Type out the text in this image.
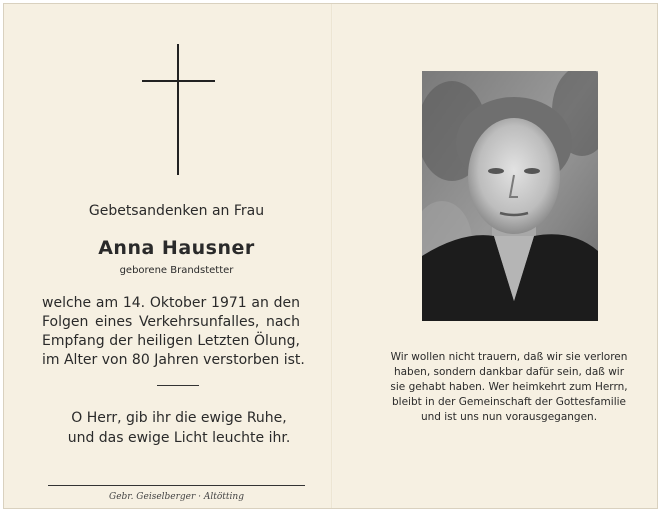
Gebetsandenken an Frau
Anna Hausner
geborene Brandstetter
welche am 14. Oktober 1971 an den
Folgen eines Verkehrsunfalles, nach
Empfang der heiligen Letzten Ölung,
im Alter von 80 Jahren verstorben ist.
O Herr, gib ihr die ewige Ruhe,
und das ewige Licht leuchte ihr.
Gebr. Geiselberger · Altötting
Wir wollen nicht trauern, daß wir sie verloren
haben, sondern dankbar dafür sein, daß wir
sie gehabt haben. Wer heimkehrt zum Herrn,
bleibt in der Gemeinschaft der Gottesfamilie
und ist uns nun vorausgegangen.
